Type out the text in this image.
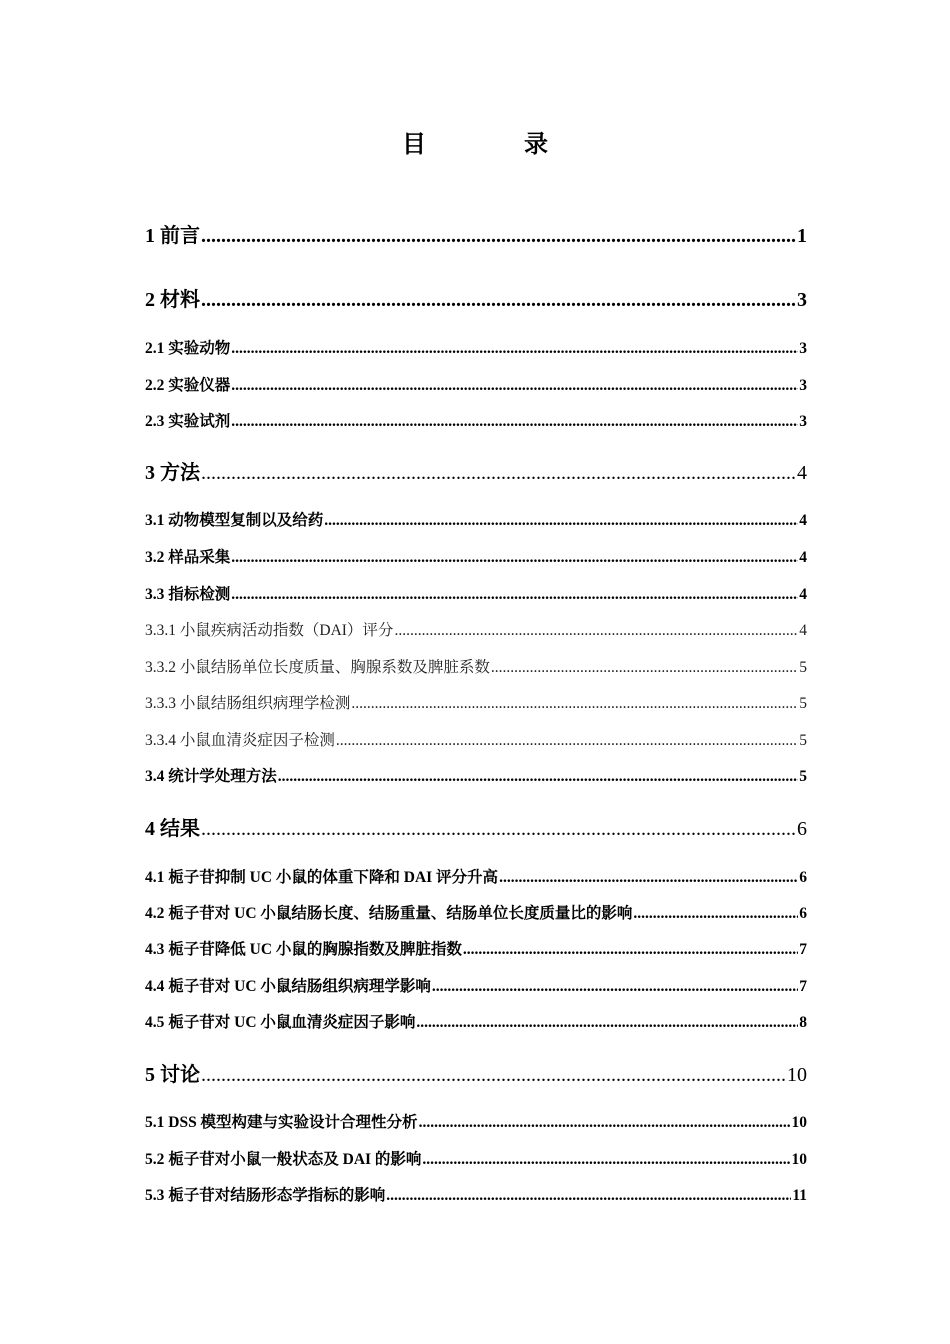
目 录
1 前言 .....	1
2 材料 .....	3
2.1 实验动物 .....	3
2.2 实验仪器 .....	3
2.3 实验试剂 .....	3
3 方法 .....	4
3.1 动物模型复制以及给药 .....	4
3.2 样品采集 .....	4
3.3 指标检测 .....	4
3.3.1 小鼠疾病活动指数（DAI）评分 .....	4
3.3.2 小鼠结肠单位长度质量、胸腺系数及脾脏系数 .....	5
3.3.3 小鼠结肠组织病理学检测 .....	5
3.3.4 小鼠血清炎症因子检测 .....	5
3.4 统计学处理方法 .....	5
4 结果 .....	6
4.1 栀子苷抑制 UC 小鼠的体重下降和 DAI 评分升高 .....	6
4.2 栀子苷对 UC 小鼠结肠长度、结肠重量、结肠单位长度质量比的影响 .....	6
4.3 栀子苷降低 UC 小鼠的胸腺指数及脾脏指数 .....	7
4.4 栀子苷对 UC 小鼠结肠组织病理学影响 .....	7
4.5 栀子苷对 UC 小鼠血清炎症因子影响 .....	8
5 讨论 .....	10
5.1 DSS 模型构建与实验设计合理性分析 .....	10
5.2 栀子苷对小鼠一般状态及 DAI 的影响 .....	10
5.3 栀子苷对结肠形态学指标的影响 .....	11
